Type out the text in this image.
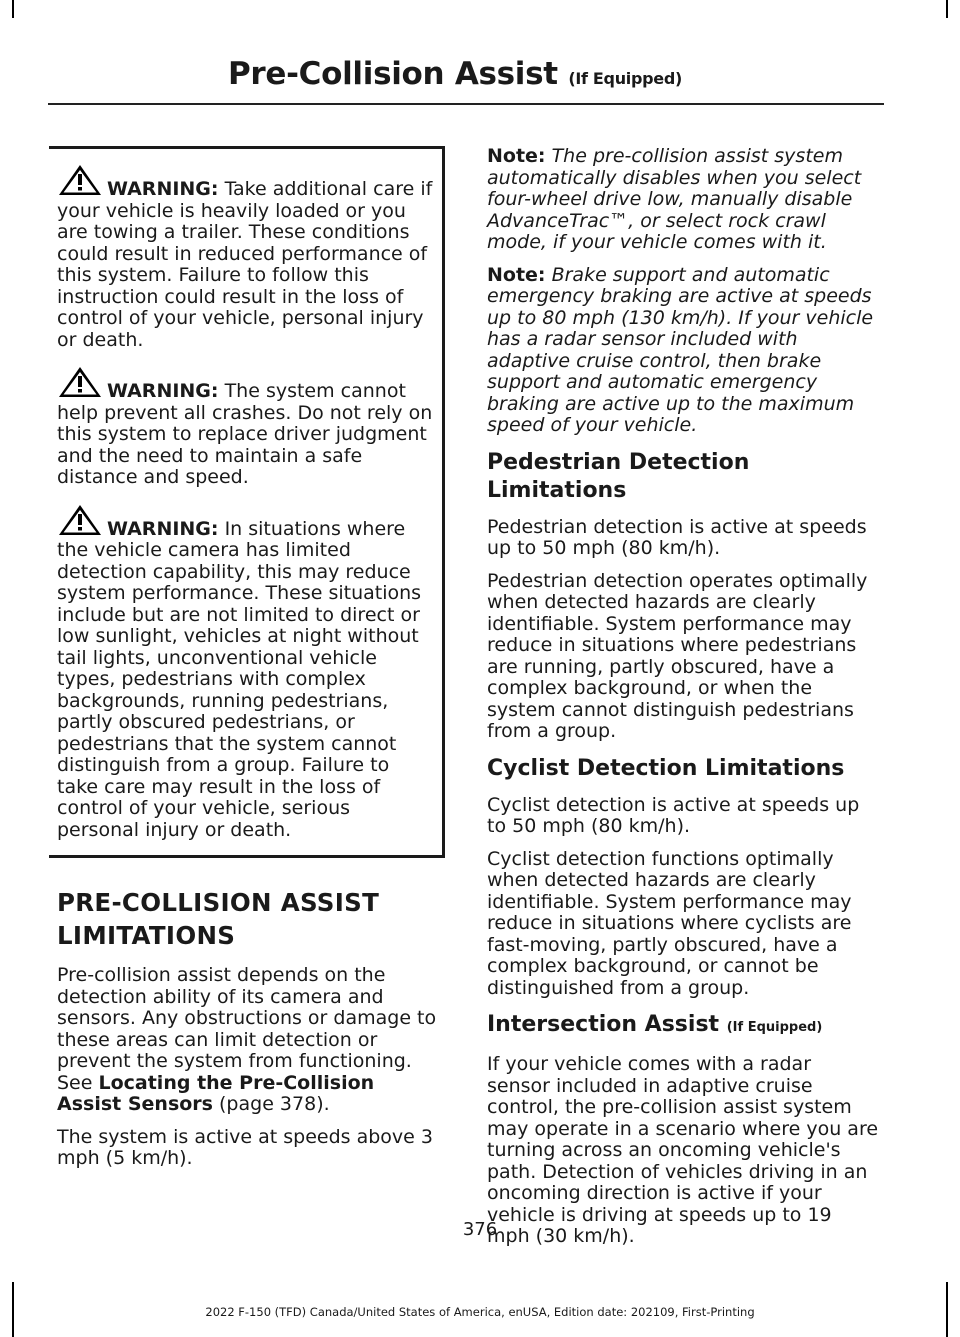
Pre-Collision Assist (If Equipped)

WARNING: Take additional care if your vehicle is heavily loaded or you are towing a trailer. These conditions could result in reduced performance of this system. Failure to follow this instruction could result in the loss of control of your vehicle, personal injury or death.

WARNING: The system cannot help prevent all crashes. Do not rely on this system to replace driver judgment and the need to maintain a safe distance and speed.

WARNING: In situations where the vehicle camera has limited detection capability, this may reduce system performance. These situations include but are not limited to direct or low sunlight, vehicles at night without tail lights, unconventional vehicle types, pedestrians with complex backgrounds, running pedestrians, partly obscured pedestrians, or pedestrians that the system cannot distinguish from a group. Failure to take care may result in the loss of control of your vehicle, serious personal injury or death.

PRE-COLLISION ASSIST
LIMITATIONS

Pre-collision assist depends on the detection ability of its camera and sensors. Any obstructions or damage to these areas can limit detection or prevent the system from functioning. See Locating the Pre-Collision Assist Sensors (page 378).

The system is active at speeds above 3 mph (5 km/h).

Note: The pre-collision assist system automatically disables when you select four-wheel drive low, manually disable AdvanceTrac™, or select rock crawl mode, if your vehicle comes with it.

Note: Brake support and automatic emergency braking are active at speeds up to 80 mph (130 km/h). If your vehicle has a radar sensor included with adaptive cruise control, then brake support and automatic emergency braking are active up to the maximum speed of your vehicle.

Pedestrian Detection Limitations

Pedestrian detection is active at speeds up to 50 mph (80 km/h).

Pedestrian detection operates optimally when detected hazards are clearly identifiable. System performance may reduce in situations where pedestrians are running, partly obscured, have a complex background, or when the system cannot distinguish pedestrians from a group.

Cyclist Detection Limitations

Cyclist detection is active at speeds up to 50 mph (80 km/h).

Cyclist detection functions optimally when detected hazards are clearly identifiable. System performance may reduce in situations where cyclists are fast-moving, partly obscured, have a complex background, or cannot be distinguished from a group.

Intersection Assist (If Equipped)

If your vehicle comes with a radar sensor included in adaptive cruise control, the pre-collision assist system may operate in a scenario where you are turning across an oncoming vehicle's path. Detection of vehicles driving in an oncoming direction is active if your vehicle is driving at speeds up to 19 mph (30 km/h).

376
2022 F-150 (TFD) Canada/United States of America, enUSA, Edition date: 202109, First-Printing
